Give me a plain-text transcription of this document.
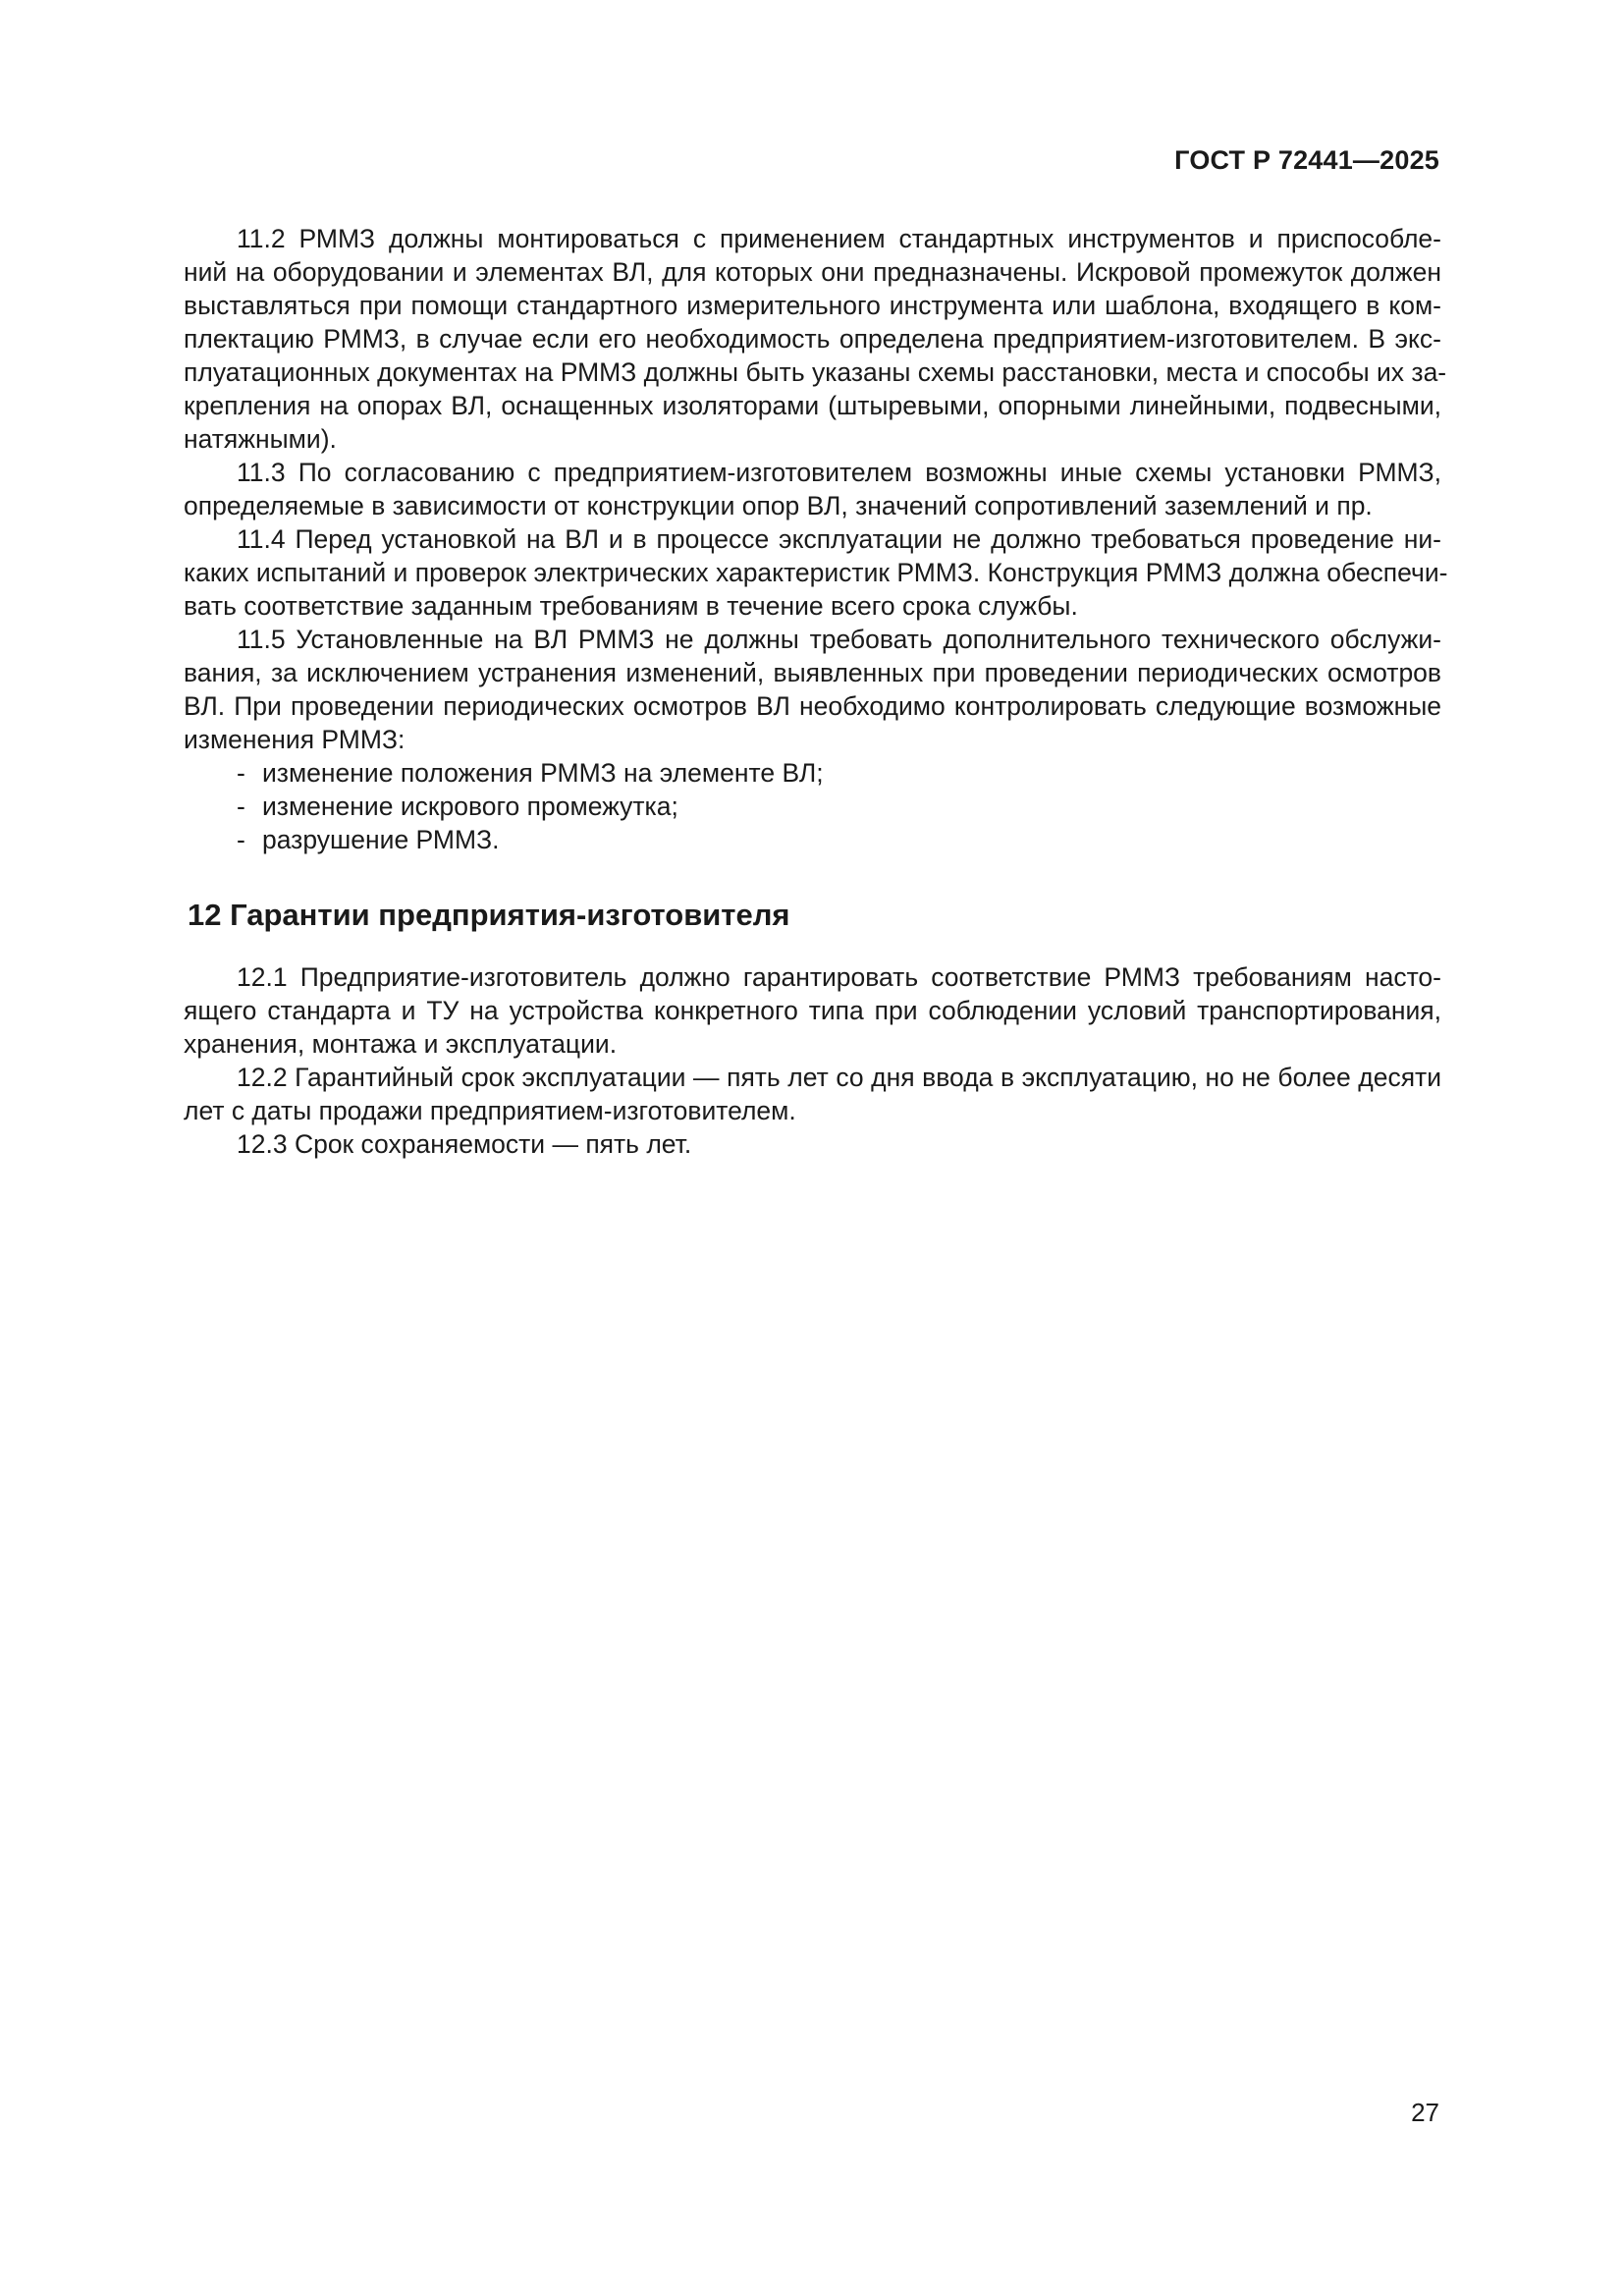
ГОСТ Р 72441—2025
11.2 РММЗ должны монтироваться с применением стандартных инструментов и приспособле-
ний на оборудовании и элементах ВЛ, для которых они предназначены. Искровой промежуток должен
выставляться при помощи стандартного измерительного инструмента или шаблона, входящего в ком-
плектацию РММЗ, в случае если его необходимость определена предприятием-изготовителем. В экс-
плуатационных документах на РММЗ должны быть указаны схемы расстановки, места и способы их за-
крепления на опорах ВЛ, оснащенных изоляторами (штыревыми, опорными линейными, подвесными,
натяжными).
11.3 По согласованию с предприятием-изготовителем возможны иные схемы установки РММЗ,
определяемые в зависимости от конструкции опор ВЛ, значений сопротивлений заземлений и пр.
11.4 Перед установкой на ВЛ и в процессе эксплуатации не должно требоваться проведение ни-
каких испытаний и проверок электрических характеристик РММЗ. Конструкция РММЗ должна обеспечи-
вать соответствие заданным требованиям в течение всего срока службы.
11.5 Установленные на ВЛ РММЗ не должны требовать дополнительного технического обслужи-
вания, за исключением устранения изменений, выявленных при проведении периодических осмотров
ВЛ. При проведении периодических осмотров ВЛ необходимо контролировать следующие возможные
изменения РММЗ:
- изменение положения РММЗ на элементе ВЛ;
- изменение искрового промежутка;
- разрушение РММЗ.
12 Гарантии предприятия-изготовителя
12.1 Предприятие-изготовитель должно гарантировать соответствие РММЗ требованиям насто-
ящего стандарта и ТУ на устройства конкретного типа при соблюдении условий транспортирования,
хранения, монтажа и эксплуатации.
12.2 Гарантийный срок эксплуатации — пять лет со дня ввода в эксплуатацию, но не более десяти
лет с даты продажи предприятием-изготовителем.
12.3 Срок сохраняемости — пять лет.
27
